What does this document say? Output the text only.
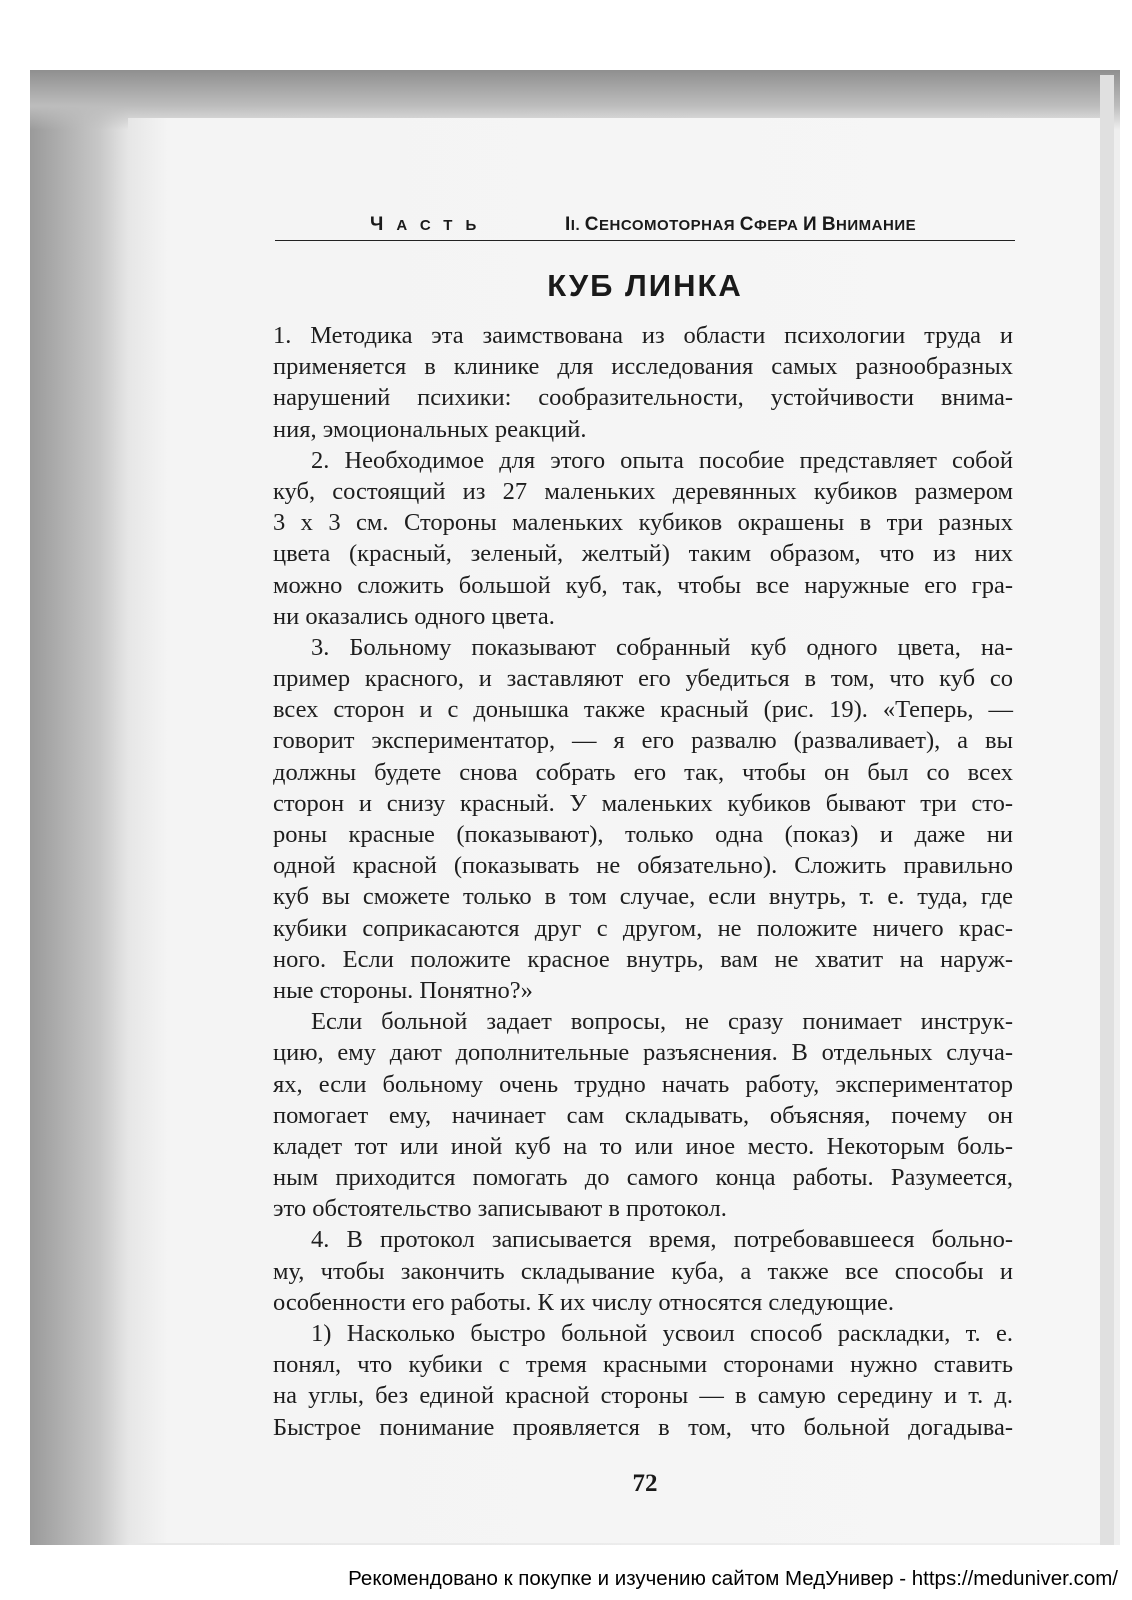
ЧАСТЬ	II. СЕНСОМОТОРНАЯ СФЕРА И ВНИМАНИЕ
КУБ ЛИНКА
1. Методика эта заимствована из области психологии труда и
применяется в клинике для исследования самых разнообразных
нарушений психики: сообразительности, устойчивости внима-
ния, эмоциональных реакций.
2. Необходимое для этого опыта пособие представляет собой
куб, состоящий из 27 маленьких деревянных кубиков размером
3 х 3 см. Стороны маленьких кубиков окрашены в три разных
цвета (красный, зеленый, желтый) таким образом, что из них
можно сложить большой куб, так, чтобы все наружные его гра-
ни оказались одного цвета.
3. Больному показывают собранный куб одного цвета, на-
пример красного, и заставляют его убедиться в том, что куб со
всех сторон и с донышка также красный (рис. 19). «Теперь, —
говорит экспериментатор, — я его развалю (разваливает), а вы
должны будете снова собрать его так, чтобы он был со всех
сторон и снизу красный. У маленьких кубиков бывают три сто-
роны красные (показывают), только одна (показ) и даже ни
одной красной (показывать не обязательно). Сложить правильно
куб вы сможете только в том случае, если внутрь, т. е. туда, где
кубики соприкасаются друг с другом, не положите ничего крас-
ного. Если положите красное внутрь, вам не хватит на наруж-
ные стороны. Понятно?»
Если больной задает вопросы, не сразу понимает инструк-
цию, ему дают дополнительные разъяснения. В отдельных случа-
ях, если больному очень трудно начать работу, экспериментатор
помогает ему, начинает сам складывать, объясняя, почему он
кладет тот или иной куб на то или иное место. Некоторым боль-
ным приходится помогать до самого конца работы. Разумеется,
это обстоятельство записывают в протокол.
4. В протокол записывается время, потребовавшееся больно-
му, чтобы закончить складывание куба, а также все способы и
особенности его работы. К их числу относятся следующие.
1) Насколько быстро больной усвоил способ раскладки, т. е.
понял, что кубики с тремя красными сторонами нужно ставить
на углы, без единой красной стороны — в самую середину и т. д.
Быстрое понимание проявляется в том, что больной догадыва-
72
Рекомендовано к покупке и изучению сайтом МедУнивер - https://meduniver.com/
